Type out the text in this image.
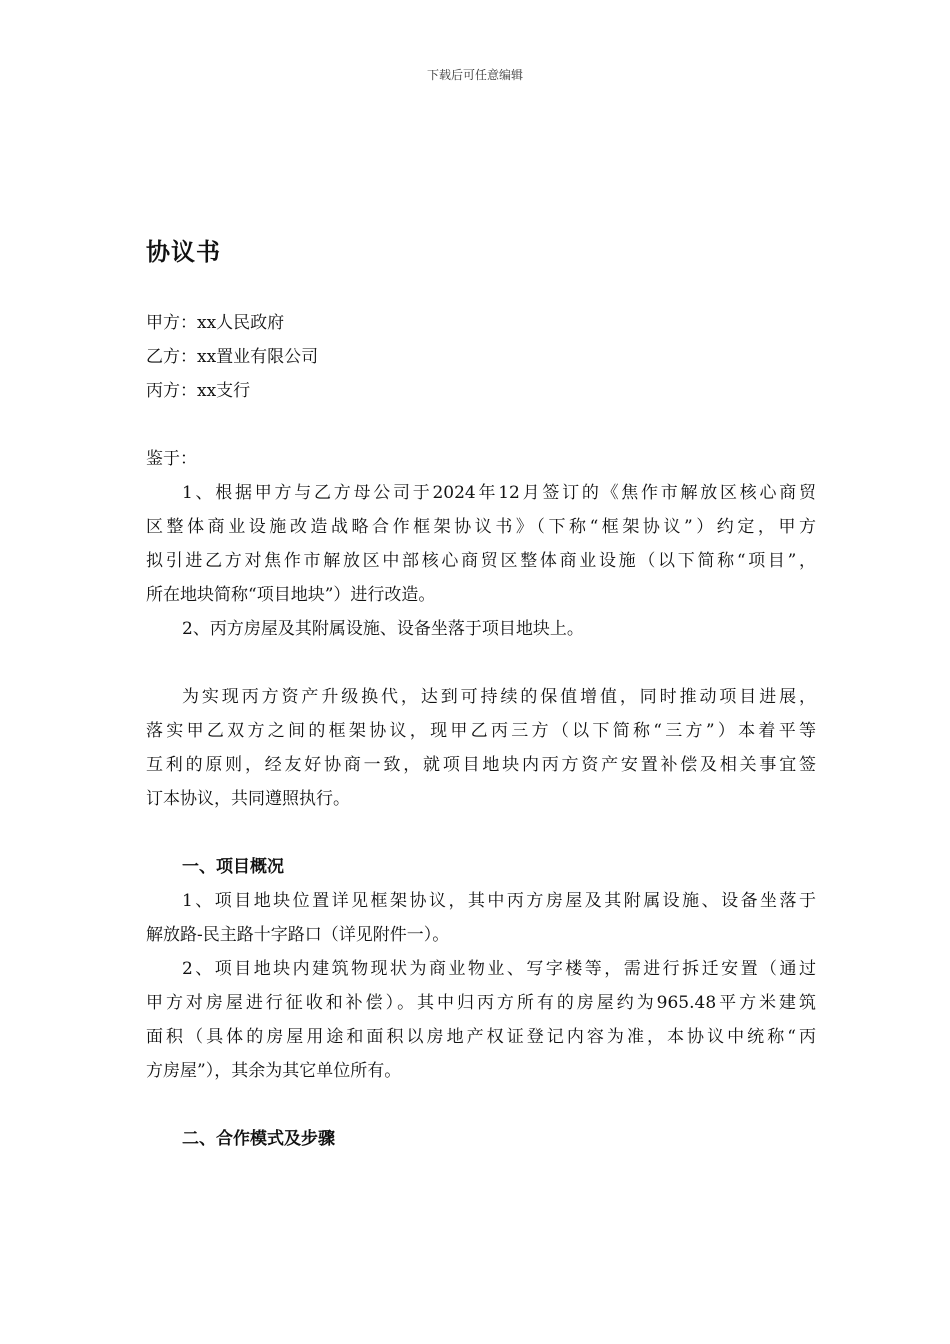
下载后可任意编辑
协议书
甲方：xx人民政府
乙方：xx置业有限公司
丙方：xx支行
鉴于：
1、根据甲方与乙方母公司于2024年12月签订的《焦作市解放区核心商贸
区整体商业设施改造战略合作框架协议书》（下称“框架协议”）约定，甲方
拟引进乙方对焦作市解放区中部核心商贸区整体商业设施（以下简称“项目”，
所在地块简称“项目地块”）进行改造。
2、丙方房屋及其附属设施、设备坐落于项目地块上。
为实现丙方资产升级换代，达到可持续的保值增值，同时推动项目进展，
落实甲乙双方之间的框架协议，现甲乙丙三方（以下简称“三方”）本着平等
互利的原则，经友好协商一致，就项目地块内丙方资产安置补偿及相关事宜签
订本协议，共同遵照执行。
一、项目概况
1、项目地块位置详见框架协议，其中丙方房屋及其附属设施、设备坐落于
解放路-民主路十字路口（详见附件一）。
2、项目地块内建筑物现状为商业物业、写字楼等，需进行拆迁安置（通过
甲方对房屋进行征收和补偿）。其中归丙方所有的房屋约为965.48平方米建筑
面积（具体的房屋用途和面积以房地产权证登记内容为准，本协议中统称“丙
方房屋”），其余为其它单位所有。
二、合作模式及步骤
